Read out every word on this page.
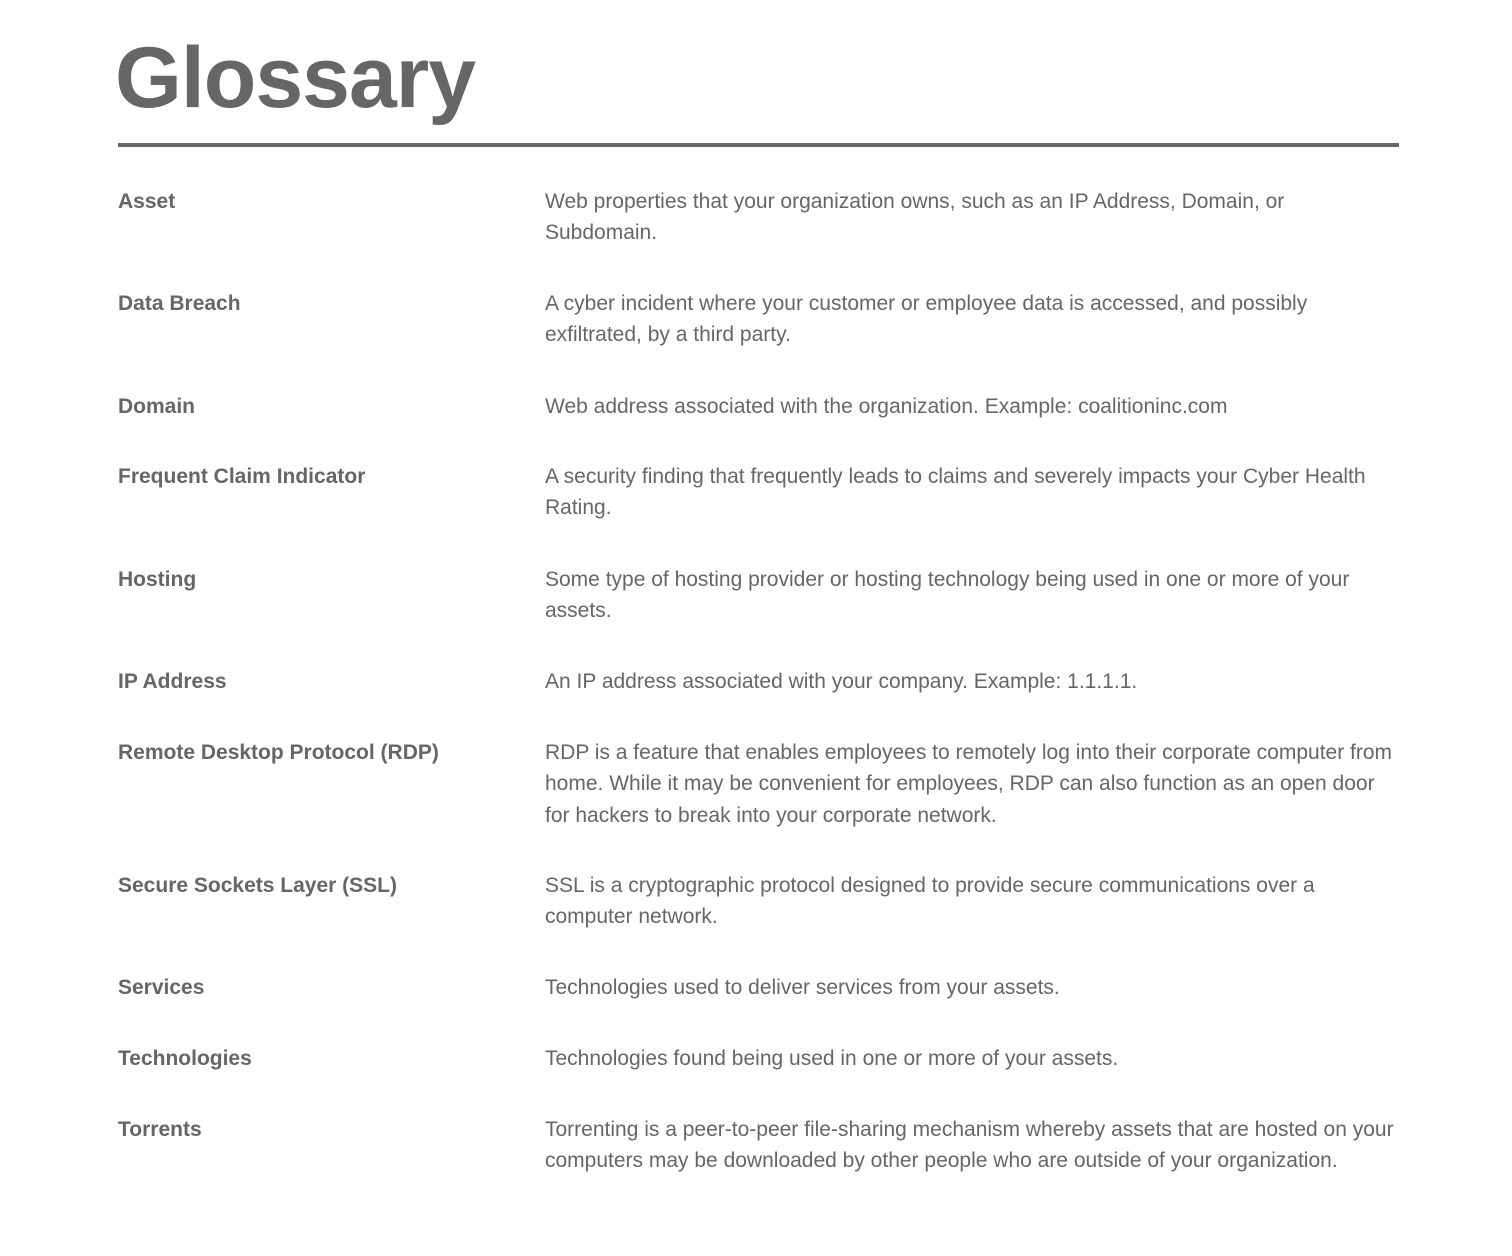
Glossary
Asset	Web properties that your organization owns, such as an IP Address, Domain, or Subdomain.
Data Breach	A cyber incident where your customer or employee data is accessed, and possibly exfiltrated, by a third party.
Domain	Web address associated with the organization. Example: coalitioninc.com
Frequent Claim Indicator	A security finding that frequently leads to claims and severely impacts your Cyber Health Rating.
Hosting	Some type of hosting provider or hosting technology being used in one or more of your assets.
IP Address	An IP address associated with your company. Example: 1.1.1.1.
Remote Desktop Protocol (RDP)	RDP is a feature that enables employees to remotely log into their corporate computer from home. While it may be convenient for employees, RDP can also function as an open door for hackers to break into your corporate network.
Secure Sockets Layer (SSL)	SSL is a cryptographic protocol designed to provide secure communications over a computer network.
Services	Technologies used to deliver services from your assets.
Technologies	Technologies found being used in one or more of your assets.
Torrents	Torrenting is a peer-to-peer file-sharing mechanism whereby assets that are hosted on your computers may be downloaded by other people who are outside of your organization.
